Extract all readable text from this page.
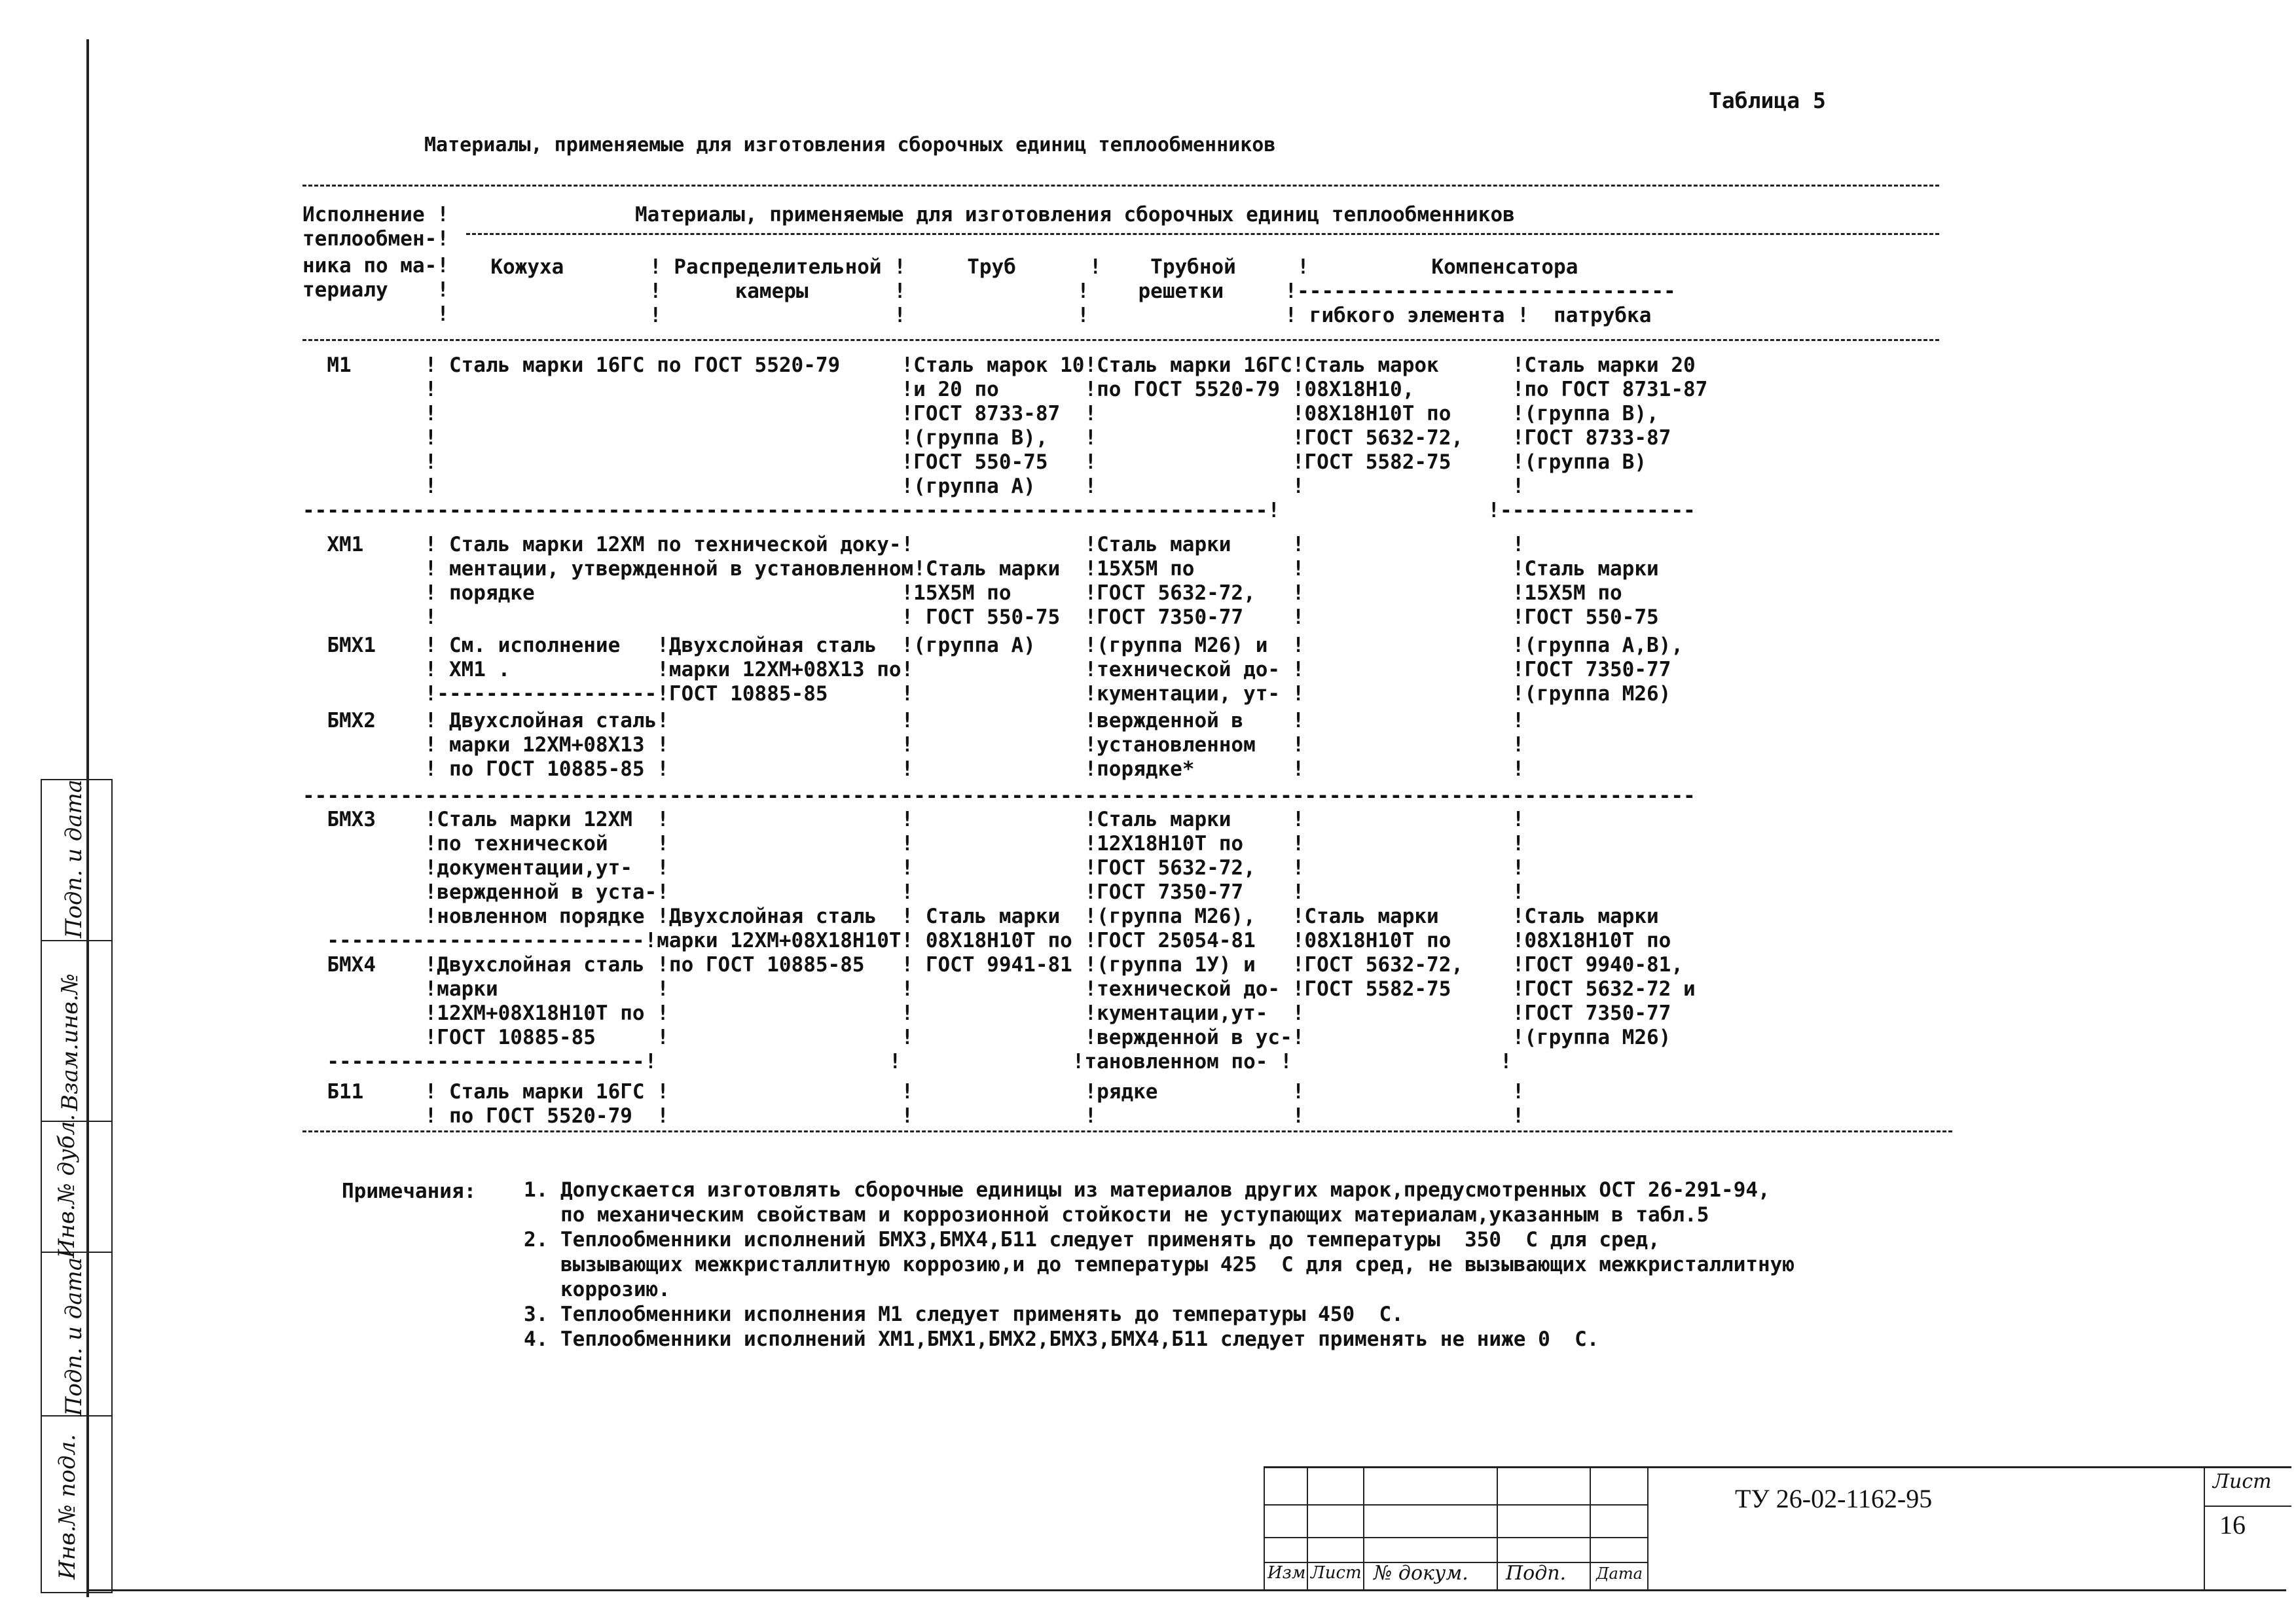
Подп. и дата
Взам.инв.№
Инв.№ дубл.
Подп. и дата
Инв.№ подл.
Таблица 5
Материалы, применяемые для изготовления сборочных единиц теплообменников
Исполнение !
теплообмен-!
ника по ма-!
териалу    !
!
Материалы, применяемые для изготовления сборочных единиц теплообменников
Кожуха       ! Распределительной !     Труб      !    Трубной     !          Компенсатора
!      камеры       !              !    решетки     !-------------------------------
!                   !              !                ! гибкого элемента !  патрубка
М1      ! Сталь марки 16ГС по ГОСТ 5520-79     !Сталь марок 10!Сталь марки 16ГС!Сталь марок      !Сталь марки 20
!                                      !и 20 по       !по ГОСТ 5520-79 !08Х18Н10,        !по ГОСТ 8731-87
!                                      !ГОСТ 8733-87  !                !08Х18Н10Т по     !(группа В),
!                                      !(группа В),   !                !ГОСТ 5632-72,    !ГОСТ 8733-87
!                                      !ГОСТ 550-75   !                !ГОСТ 5582-75     !(группа В)
!                                      !(группа А)    !                !                 !
-------------------------------------------------------------------------------!                 !----------------
ХМ1     ! Сталь марки 12ХМ по технической доку-!              !Сталь марки     !                 !
! ментации, утвержденной в установленном!Сталь марки  !15Х5М по        !                 !Сталь марки
! порядке                              !15Х5М по      !ГОСТ 5632-72,   !                 !15Х5М по
!                                      ! ГОСТ 550-75  !ГОСТ 7350-77    !                 !ГОСТ 550-75
БМХ1    ! См. исполнение   !Двухслойная сталь  !(группа А)    !(группа М26) и  !                 !(группа А,В),
! ХМ1 .            !марки 12ХМ+08Х13 по!              !технической до- !                 !ГОСТ 7350-77
!------------------!ГОСТ 10885-85      !              !кументации, ут- !                 !(группа М26)
БМХ2    ! Двухслойная сталь!                   !              !вержденной в    !                 !
! марки 12ХМ+08Х13 !                   !              !установленном   !                 !
! по ГОСТ 10885-85 !                   !              !порядке*        !                 !
------------------------------------------------------------------------------------------------------------------
БМХ3    !Сталь марки 12ХМ  !                   !              !Сталь марки     !                 !
!по технической    !                   !              !12Х18Н10Т по    !                 !
!документации,ут-  !                   !              !ГОСТ 5632-72,   !                 !
!вержденной в уста-!                   !              !ГОСТ 7350-77    !                 !
!новленном порядке !Двухслойная сталь  ! Сталь марки  !(группа М26),   !Сталь марки      !Сталь марки
--------------------------!марки 12ХМ+08Х18Н10Т! 08Х18Н10Т по !ГОСТ 25054-81   !08Х18Н10Т по     !08Х18Н10Т по
БМХ4    !Двухслойная сталь !по ГОСТ 10885-85   ! ГОСТ 9941-81 !(группа 1У) и   !ГОСТ 5632-72,    !ГОСТ 9940-81,
!марки             !                   !              !технической до- !ГОСТ 5582-75     !ГОСТ 5632-72 и
!12ХМ+08Х18Н10Т по !                   !              !кументации,ут-  !                 !ГОСТ 7350-77
!ГОСТ 10885-85     !                   !              !вержденной в ус-!                 !(группа М26)
--------------------------!                   !              !тановленном по- !                 !
Б11     ! Сталь марки 16ГС !                   !              !рядке           !                 !
! по ГОСТ 5520-79  !                   !              !                !                 !
Примечания: 1. Допускается изготовлять сборочные единицы из материалов других марок,предусмотренных ОСТ 26-291-94,
по механическим свойствам и коррозионной стойкости не уступающих материалам,указанным в табл.5
2. Теплообменники исполнений БМХ3,БМХ4,Б11 следует применять до температуры  350  С для сред,
вызывающих межкристаллитную коррозию,и до температуры 425  С для сред, не вызывающих межкристаллитную
коррозию.
3. Теплообменники исполнения М1 следует применять до температуры 450  С.
4. Теплообменники исполнений ХМ1,БМХ1,БМХ2,БМХ3,БМХ4,Б11 следует применять не ниже 0  С.
Изм Лист № докум. Подп. Дата
ТУ 26-02-1162-95
Лист
16
